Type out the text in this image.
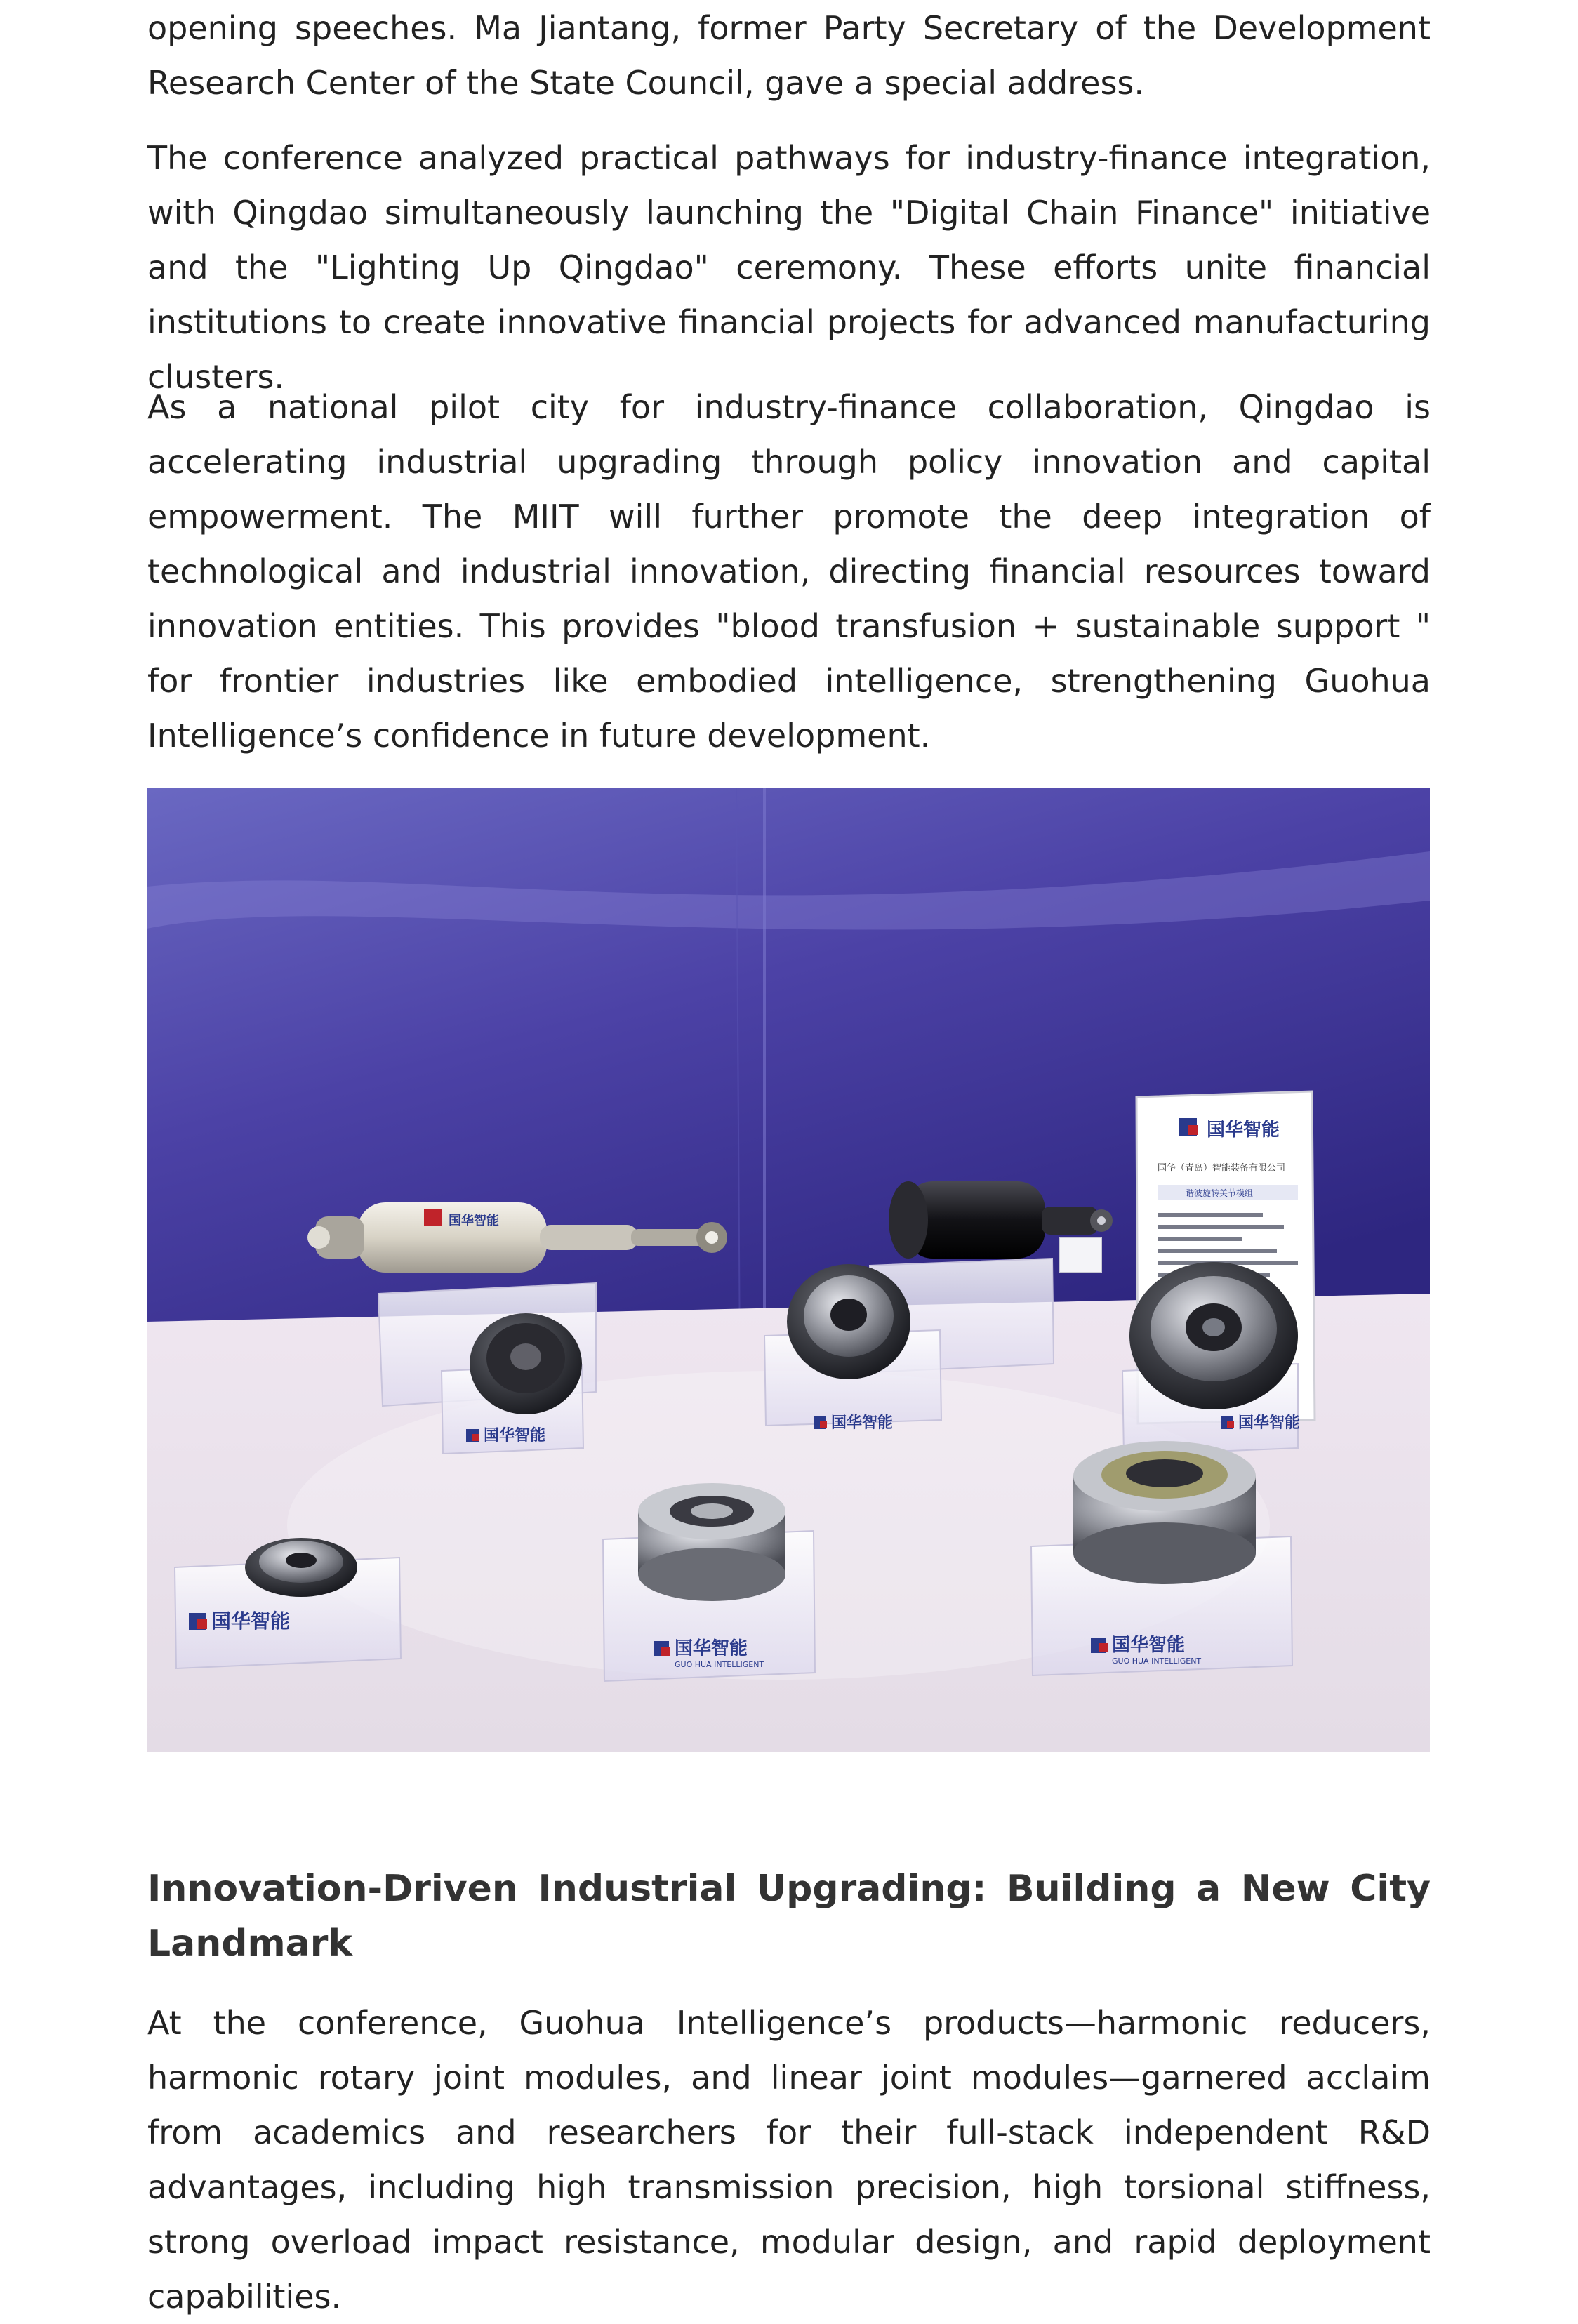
opening speeches. Ma Jiantang, former Party Secretary of the Development Research Center of the State Council, gave a special address.

The conference analyzed practical pathways for industry-finance integration, with Qingdao simultaneously launching the "Digital Chain Finance" initiative and the "Lighting Up Qingdao" ceremony. These efforts unite financial institutions to create innovative financial projects for advanced manufacturing clusters.

As a national pilot city for industry-finance collaboration, Qingdao is accelerating industrial upgrading through policy innovation and capital empowerment. The MIIT will further promote the deep integration of technological and industrial innovation, directing financial resources toward innovation entities. This provides "blood transfusion + sustainable support " for frontier industries like embodied intelligence, strengthening Guohua Intelligence’s confidence in future development.

国华智能
国华（青岛）智能装备有限公司
谐波旋转关节模组
国华智能
国华智能
国华智能
国华智能
国华智能
国华智能
GUO HUA INTELLIGENT
国华智能
GUO HUA INTELLIGENT
Innovation-Driven Industrial Upgrading: Building a New City Landmark

At the conference, Guohua Intelligence’s products—harmonic reducers, harmonic rotary joint modules, and linear joint modules—garnered acclaim from academics and researchers for their full-stack independent R&D advantages, including high transmission precision, high torsional stiffness, strong overload impact resistance, modular design, and rapid deployment capabilities.
